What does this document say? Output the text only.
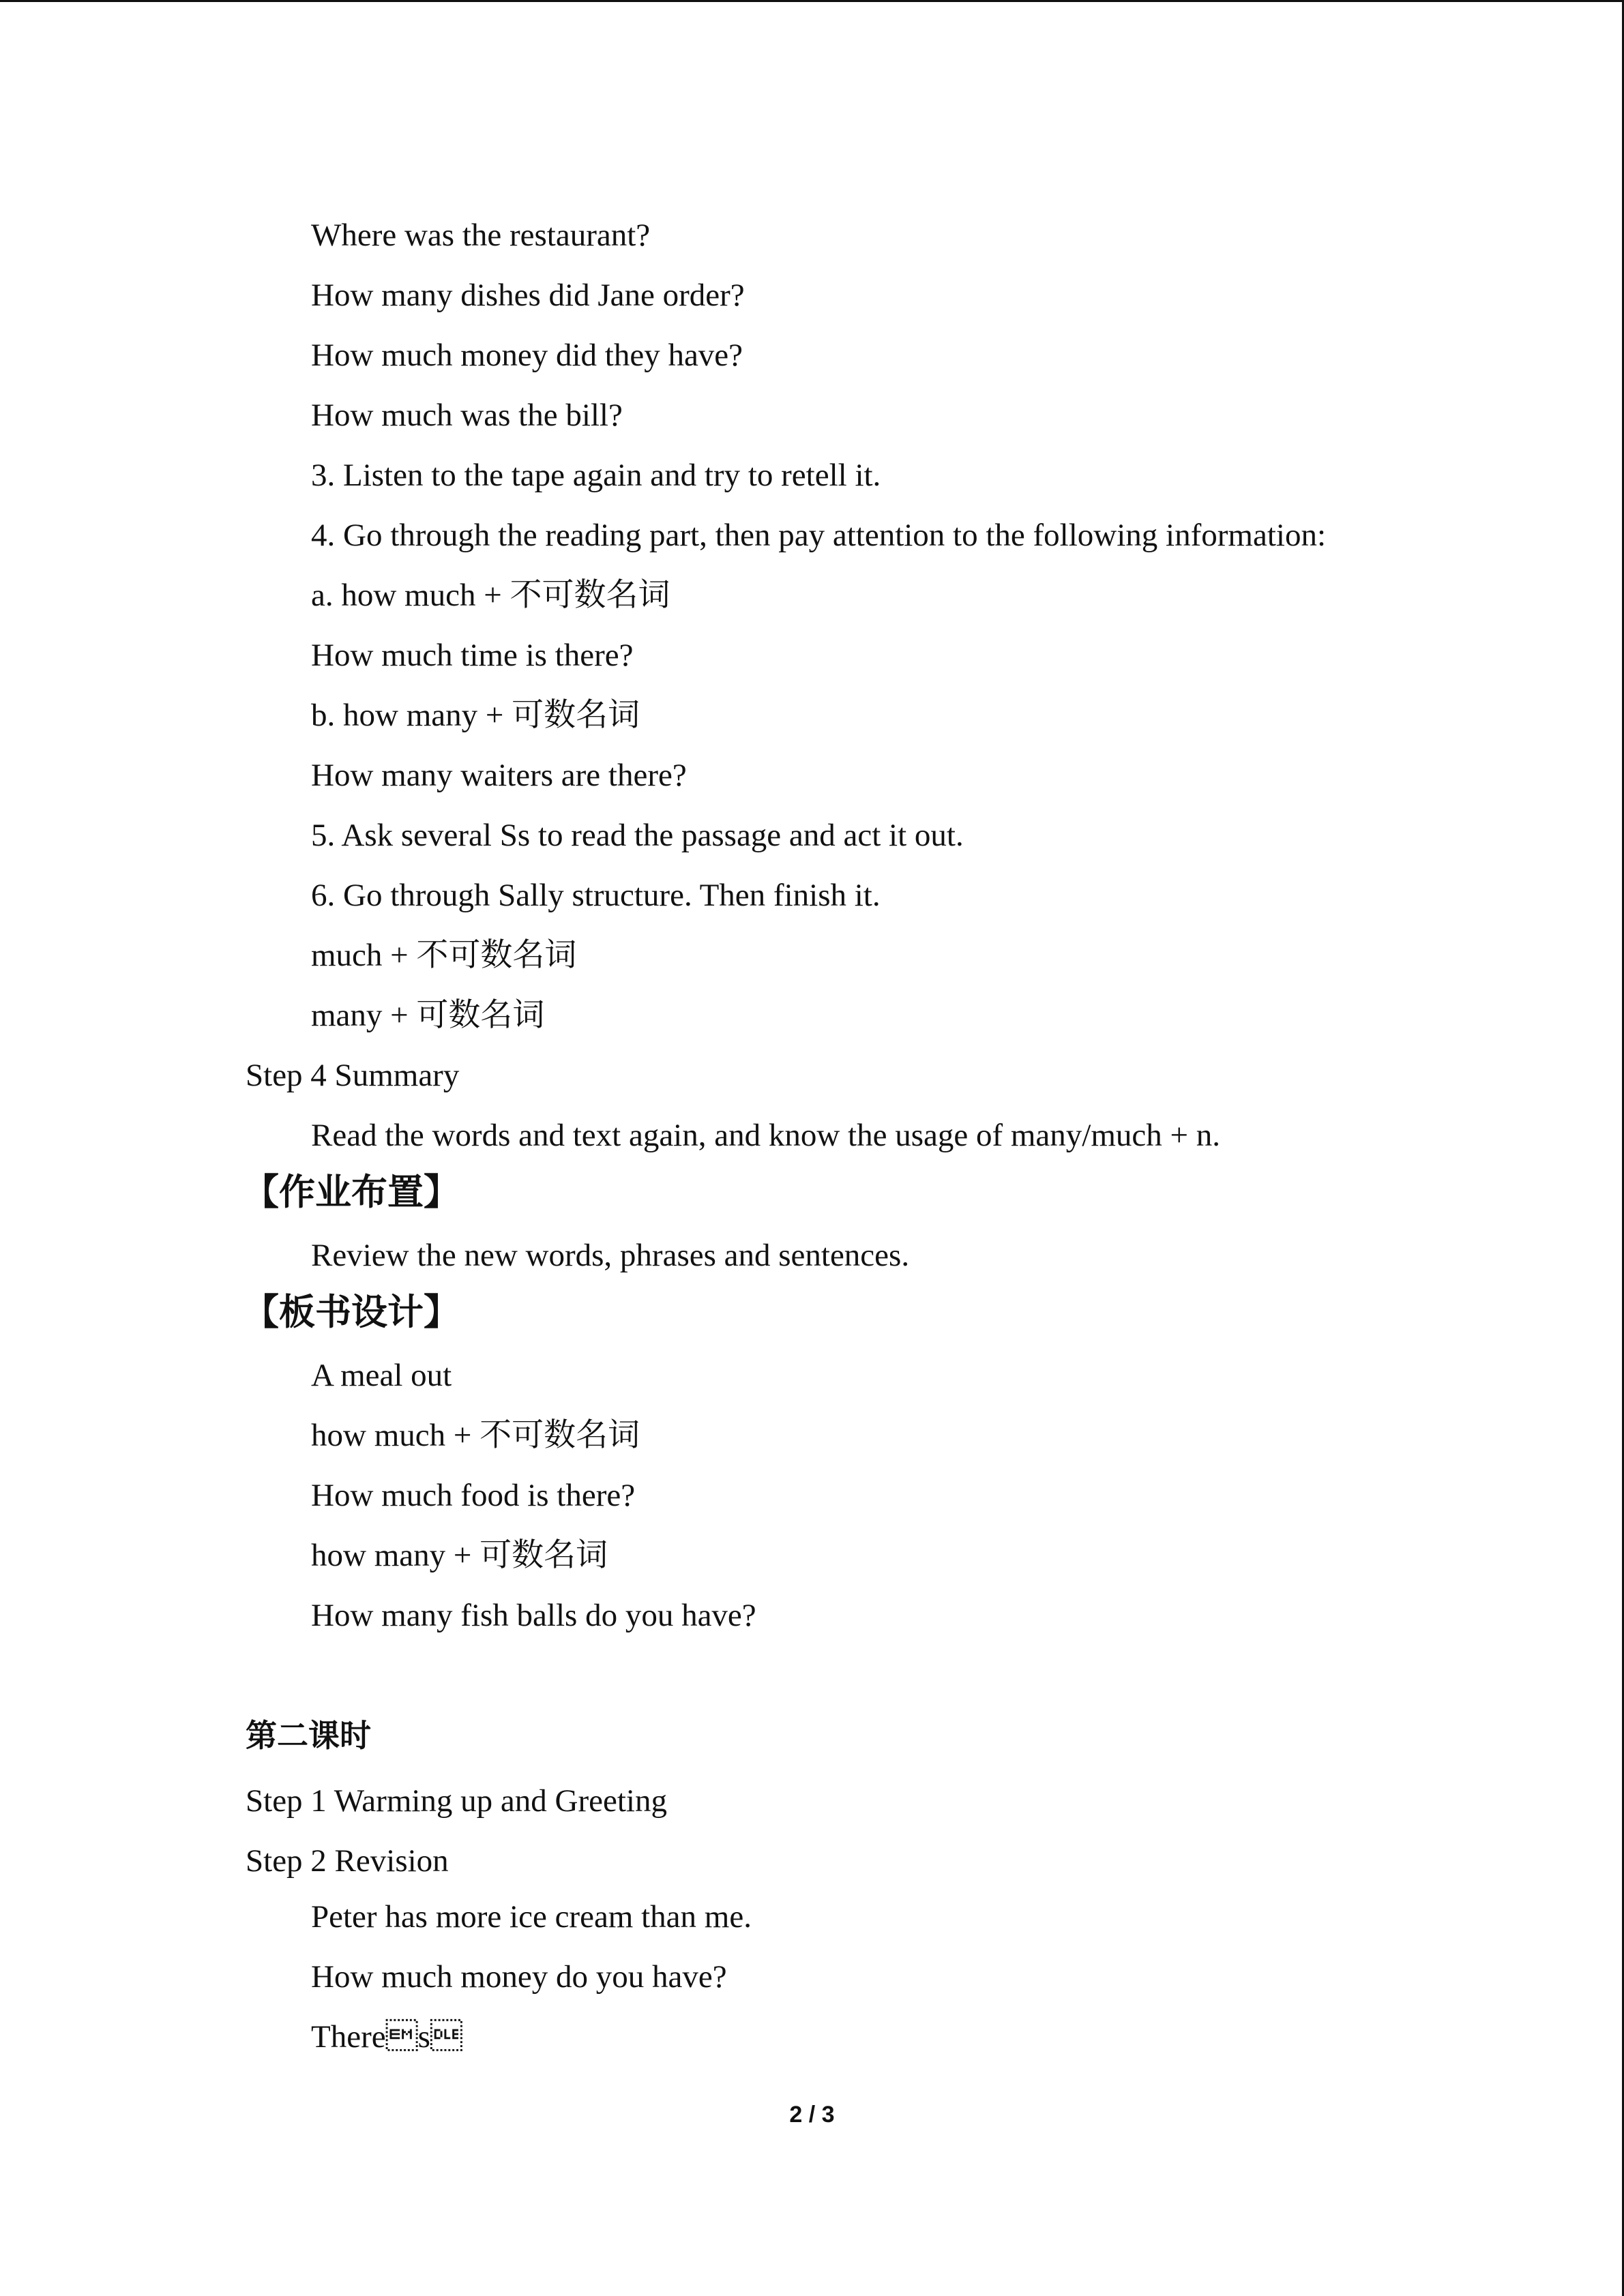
Where was the restaurant?
How many dishes did Jane order?
How much money did they have?
How much was the bill?
3. Listen to the tape again and try to retell it.
4. Go through the reading part, then pay attention to the following information:
a. how much + 不可数名词
How much time is there?
b. how many + 可数名词
How many waiters are there?
5. Ask several Ss to read the passage and act it out.
6. Go through Sally structure. Then finish it.
much + 不可数名词
many + 可数名词
Step 4 Summary
Read the words and text again, and know the usage of many/much + n.
【作业布置】
Review the new words, phrases and sentences.
【板书设计】
A meal out
how much + 不可数名词
How much food is there?
how many + 可数名词
How many fish balls do you have?
第二课时
Step 1 Warming up and Greeting
Step 2 Revision
Peter has more ice cream than me.
How much money do you have?
Theres
2 / 3
